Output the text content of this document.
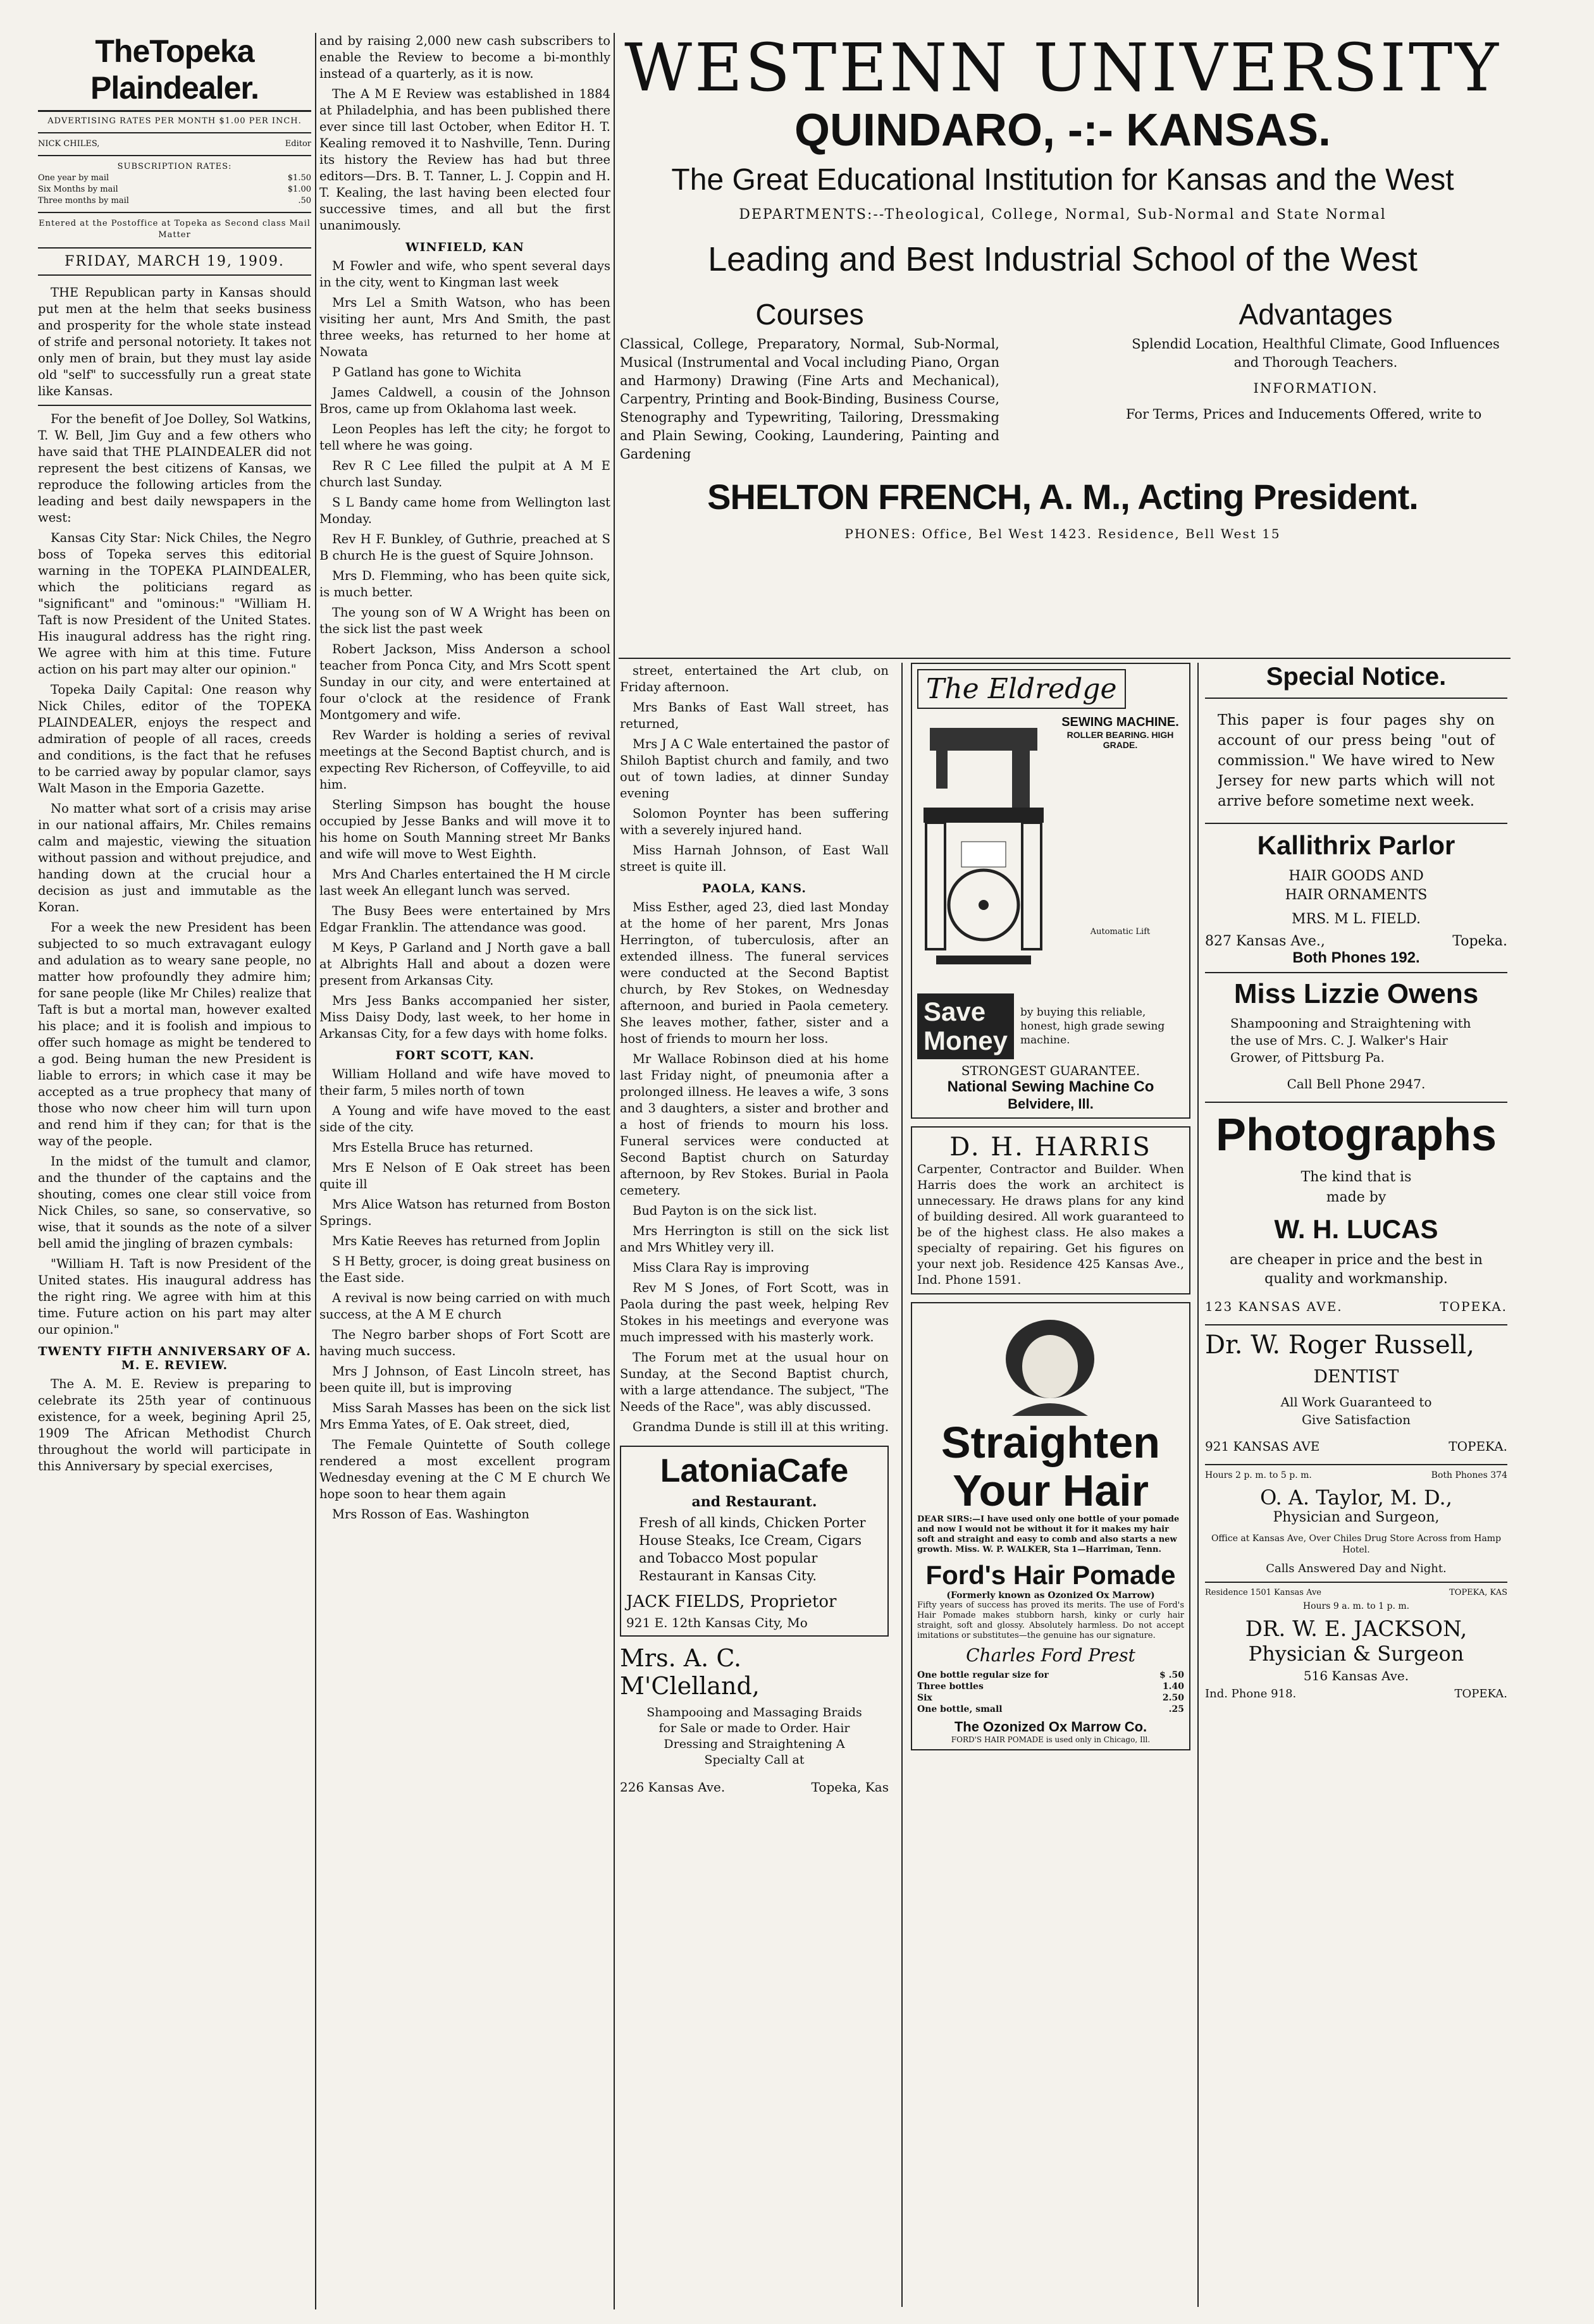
TheTopeka Plaindealer.
ADVERTISING RATES PER MONTH $1.00 PER INCH.
NICK CHILES,	Editor
SUBSCRIPTION RATES:
One year by mail	$1.50
Six Months by mail	$1.00
Three months by mail	.50
Entered at the Postoffice at Topeka as Second class Mail Matter
FRIDAY, MARCH 19, 1909.

THE Republican party in Kansas should put men at the helm that seeks business and prosperity for the whole state instead of strife and personal notoriety. It takes not only men of brain, but they must lay aside old "self" to successfully run a great state like Kansas.

For the benefit of Joe Dolley, Sol Watkins, T. W. Bell, Jim Guy and a few others who have said that THE PLAINDEALER did not represent the best citizens of Kansas, we reproduce the following articles from the leading and best daily newspapers in the west:

Kansas City Star: Nick Chiles, the Negro boss of Topeka serves this editorial warning in the TOPEKA PLAINDEALER, which the politicians regard as "significant" and "ominous:" "William H. Taft is now President of the United States. His inaugural address has the right ring. We agree with him at this time. Future action on his part may alter our opinion."

Topeka Daily Capital: One reason why Nick Chiles, editor of the TOPEKA PLAINDEALER, enjoys the respect and admiration of people of all races, creeds and conditions, is the fact that he refuses to be carried away by popular clamor, says Walt Mason in the Emporia Gazette.

No matter what sort of a crisis may arise in our national affairs, Mr. Chiles remains calm and majestic, viewing the situation without passion and without prejudice, and handing down at the crucial hour a decision as just and immutable as the Koran.

For a week the new President has been subjected to so much extravagant eulogy and adulation as to weary sane people, no matter how profoundly they admire him; for sane people (like Mr Chiles) realize that Taft is but a mortal man, however exalted his place; and it is foolish and impious to offer such homage as might be tendered to a god. Being human the new President is liable to errors; in which case it may be accepted as a true prophecy that many of those who now cheer him will turn upon and rend him if they can; for that is the way of the people.

In the midst of the tumult and clamor, and the thunder of the captains and the shouting, comes one clear still voice from Nick Chiles, so sane, so conservative, so wise, that it sounds as the note of a silver bell amid the jingling of brazen cymbals:

"William H. Taft is now President of the United states. His inaugural address has the right ring. We agree with him at this time. Future action on his part may alter our opinion."

TWENTY FIFTH ANNIVERSARY OF A. M. E. REVIEW.

The A. M. E. Review is preparing to celebrate its 25th year of continuous existence, for a week, begining April 25, 1909 The African Methodist Church throughout the world will participate in this Anniversary by special exercises,

and by raising 2,000 new cash subscribers to enable the Review to become a bi-monthly instead of a quarterly, as it is now.

The A M E Review was established in 1884 at Philadelphia, and has been published there ever since till last October, when Editor H. T. Kealing removed it to Nashville, Tenn. During its history the Review has had but three editors—Drs. B. T. Tanner, L. J. Coppin and H. T. Kealing, the last having been elected four successive times, and all but the first unanimously.

WINFIELD, KAN

M Fowler and wife, who spent several days in the city, went to Kingman last week

Mrs Lel a Smith Watson, who has been visiting her aunt, Mrs And Smith, the past three weeks, has returned to her home at Nowata

P Gatland has gone to Wichita

James Caldwell, a cousin of the Johnson Bros, came up from Oklahoma last week.

Leon Peoples has left the city; he forgot to tell where he was going.

Rev R C Lee filled the pulpit at A M E church last Sunday.

S L Bandy came home from Wellington last Monday.

Rev H F. Bunkley, of Guthrie, preached at S B church He is the guest of Squire Johnson.

Mrs D. Flemming, who has been quite sick, is much better.

The young son of W A Wright has been on the sick list the past week

Robert Jackson, Miss Anderson a school teacher from Ponca City, and Mrs Scott spent Sunday in our city, and were entertained at four o'clock at the residence of Frank Montgomery and wife.

Rev Warder is holding a series of revival meetings at the Second Baptist church, and is expecting Rev Richerson, of Coffeyville, to aid him.

Sterling Simpson has bought the house occupied by Jesse Banks and will move it to his home on South Manning street Mr Banks and wife will move to West Eighth.

Mrs And Charles entertained the H M circle last week An ellegant lunch was served.

The Busy Bees were entertained by Mrs Edgar Franklin. The attendance was good.

M Keys, P Garland and J North gave a ball at Albrights Hall and about a dozen were present from Arkansas City.

Mrs Jess Banks accompanied her sister, Miss Daisy Dody, last week, to her home in Arkansas City, for a few days with home folks.

FORT SCOTT, KAN.

William Holland and wife have moved to their farm, 5 miles north of town

A Young and wife have moved to the east side of the city.

Mrs Estella Bruce has returned.

Mrs E Nelson of E Oak street has been quite ill

Mrs Alice Watson has returned from Boston Springs.

Mrs Katie Reeves has returned from Joplin

S H Betty, grocer, is doing great business on the East side.

A revival is now being carried on with much success, at the A M E church

The Negro barber shops of Fort Scott are having much success.

Mrs J Johnson, of East Lincoln street, has been quite ill, but is improving

Miss Sarah Masses has been on the sick list Mrs Emma Yates, of E. Oak street, died,

The Female Quintette of South college rendered a most excellent program Wednesday evening at the C M E church We hope soon to hear them again

Mrs Rosson of Eas. Washington

WESTENN UNIVERSITY
QUINDARO, -:- KANSAS.
The Great Educational Institution for Kansas and the West
DEPARTMENTS:--Theological, College, Normal, Sub-Normal and State Normal
Leading and Best Industrial School of the West
Courses
Classical, College, Preparatory, Normal, Sub-Normal, Musical (Instrumental and Vocal including Piano, Organ and Harmony) Drawing (Fine Arts and Mechanical), Carpentry, Printing and Book-Binding, Business Course, Stenography and Typewriting, Tailoring, Dressmaking and Plain Sewing, Cooking, Laundering, Painting and Gardening
Advantages
Splendid Location, Healthful Climate, Good Influences and Thorough Teachers.
INFORMATION.
For Terms, Prices and Inducements Offered, write to
SHELTON FRENCH, A. M., Acting President.
PHONES: Office, Bel West 1423. Residence, Bell West 15

street, entertained the Art club, on Friday afternoon.

Mrs Banks of East Wall street, has returned,

Mrs J A C Wale entertained the pastor of Shiloh Baptist church and family, and two out of town ladies, at dinner Sunday evening

Solomon Poynter has been suffering with a severely injured hand.

Miss Harnah Johnson, of East Wall street is quite ill.

PAOLA, KANS.

Miss Esther, aged 23, died last Monday at the home of her parent, Mrs Jonas Herrington, of tuberculosis, after an extended illness. The funeral services were conducted at the Second Baptist church, by Rev Stokes, on Wednesday afternoon, and buried in Paola cemetery. She leaves mother, father, sister and a host of friends to mourn her loss.

Mr Wallace Robinson died at his home last Friday night, of pneumonia after a prolonged illness. He leaves a wife, 3 sons and 3 daughters, a sister and brother and a host of friends to mourn his loss. Funeral services were conducted at Second Baptist church on Saturday afternoon, by Rev Stokes. Burial in Paola cemetery.

Bud Payton is on the sick list.

Mrs Herrington is still on the sick list and Mrs Whitley very ill.

Miss Clara Ray is improving

Rev M S Jones, of Fort Scott, was in Paola during the past week, helping Rev Stokes in his meetings and everyone was much impressed with his masterly work.

The Forum met at the usual hour on Sunday, at the Second Baptist church, with a large attendance. The subject, "The Needs of the Race", was ably discussed.

Grandma Dunde is still ill at this writing.

LatoniaCafe
and Restaurant.
Fresh of all kinds, Chicken Porter House Steaks, Ice Cream, Cigars and Tobacco Most popular Restaurant in Kansas City.
JACK FIELDS, Proprietor
921 E. 12th Kansas City, Mo
Mrs. A. C. M'Clelland,
Shampooing and Massaging Braids for Sale or made to Order. Hair Dressing and Straightening A Specialty Call at
226 Kansas Ave.	Topeka, Kas
The Eldredge
SEWING MACHINE.
ROLLER BEARING. HIGH GRADE.
Automatic Lift
Save Money
by buying this reliable, honest, high grade sewing machine.
STRONGEST GUARANTEE.
National Sewing Machine Co
Belvidere, Ill.
D. H. HARRIS
Carpenter, Contractor and Builder. When Harris does the work an architect is unnecessary. He draws plans for any kind of building desired. All work guaranteed to be of the highest class. He also makes a specialty of repairing. Get his figures on your next job. Residence 425 Kansas Ave., Ind. Phone 1591.
Straighten
Your Hair
DEAR SIRS:—I have used only one bottle of your pomade and now I would not be without it for it makes my hair soft and straight and easy to comb and also starts a new growth. Miss. W. P. WALKER, Sta 1—Harriman, Tenn.
Ford's Hair Pomade
(Formerly known as Ozonized Ox Marrow)
Fifty years of success has proved its merits. The use of Ford's Hair Pomade makes stubborn harsh, kinky or curly hair straight, soft and glossy. Absolutely harmless. Do not accept imitations or substitutes—the genuine has our signature.
Charles Ford Prest
One bottle regular size for	$ .50
Three bottles	1.40
Six	2.50
One bottle, small	.25
The Ozonized Ox Marrow Co.
FORD'S HAIR POMADE is used only in Chicago, Ill.
Special Notice.
This paper is four pages shy on account of our press being "out of commission." We have wired to New Jersey for new parts which will not arrive before sometime next week.
Kallithrix Parlor
HAIR GOODS AND HAIR ORNAMENTS
MRS. M L. FIELD.
827 Kansas Ave.,	Topeka.
Both Phones 192.
Miss Lizzie Owens
Shampooning and Straightening with the use of Mrs. C. J. Walker's Hair Grower, of Pittsburg Pa.
Call Bell Phone 2947.
Photographs
The kind that is made by
W. H. LUCAS
are cheaper in price and the best in quality and workmanship.
123 KANSAS AVE.	TOPEKA.
Dr. W. Roger Russell,
DENTIST
All Work Guaranteed to Give Satisfaction
921 KANSAS AVE	TOPEKA.
Hours 2 p. m. to 5 p. m.	Both Phones 374
O. A. Taylor, M. D.,
Physician and Surgeon,
Office at Kansas Ave, Over Chiles Drug Store Across from Hamp Hotel.
Calls Answered Day and Night.
Residence 1501 Kansas Ave	TOPEKA, KAS
Hours 9 a. m. to 1 p. m.
DR. W. E. JACKSON,
Physician & Surgeon
516 Kansas Ave.
Ind. Phone 918.	TOPEKA.
